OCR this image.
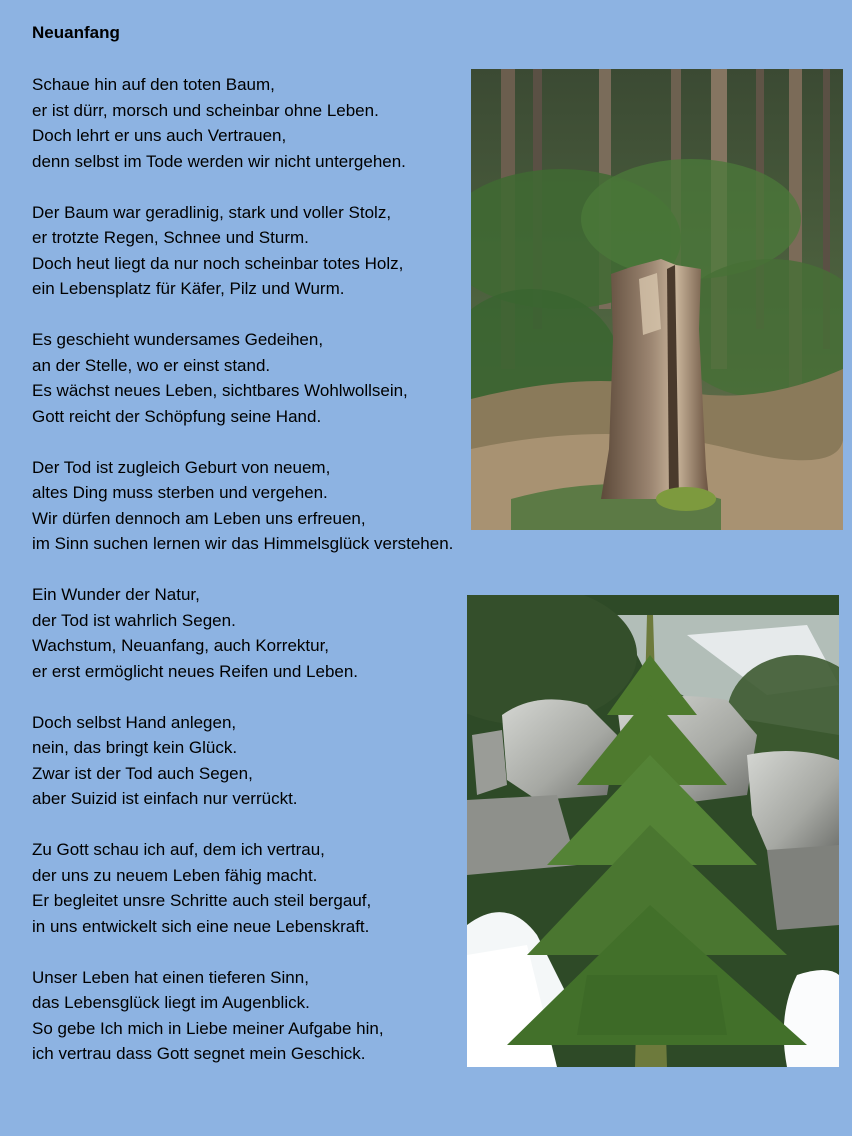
Neuanfang
Schaue hin auf den toten Baum,
er ist dürr, morsch und scheinbar ohne Leben.
Doch lehrt er uns auch Vertrauen,
denn selbst im Tode werden wir nicht untergehen.
Der Baum war geradlinig, stark und voller Stolz,
er trotzte Regen, Schnee und Sturm.
Doch heut liegt da nur noch scheinbar totes Holz,
ein Lebensplatz für Käfer, Pilz und Wurm.
Es geschieht wundersames Gedeihen,
an der Stelle, wo er einst stand.
Es wächst neues Leben, sichtbares Wohlwollsein,
Gott reicht der Schöpfung seine Hand.
Der Tod ist zugleich Geburt von neuem,
altes Ding muss sterben und vergehen.
Wir dürfen dennoch am Leben uns erfreuen,
im Sinn suchen lernen wir das Himmelsglück verstehen.
Ein Wunder der Natur,
der Tod ist wahrlich Segen.
Wachstum, Neuanfang, auch Korrektur,
er erst ermöglicht neues Reifen und Leben.
Doch selbst Hand anlegen,
nein, das bringt kein Glück.
Zwar ist der Tod auch Segen,
aber Suizid ist einfach nur verrückt.
Zu Gott schau ich auf, dem ich vertrau,
der uns zu neuem Leben fähig macht.
Er begleitet unsre Schritte auch steil bergauf,
in uns entwickelt sich eine neue Lebenskraft.
Unser Leben hat einen tieferen Sinn,
das Lebensglück liegt im Augenblick.
So gebe Ich mich in Liebe meiner Aufgabe hin,
ich vertrau dass Gott segnet mein Geschick.
